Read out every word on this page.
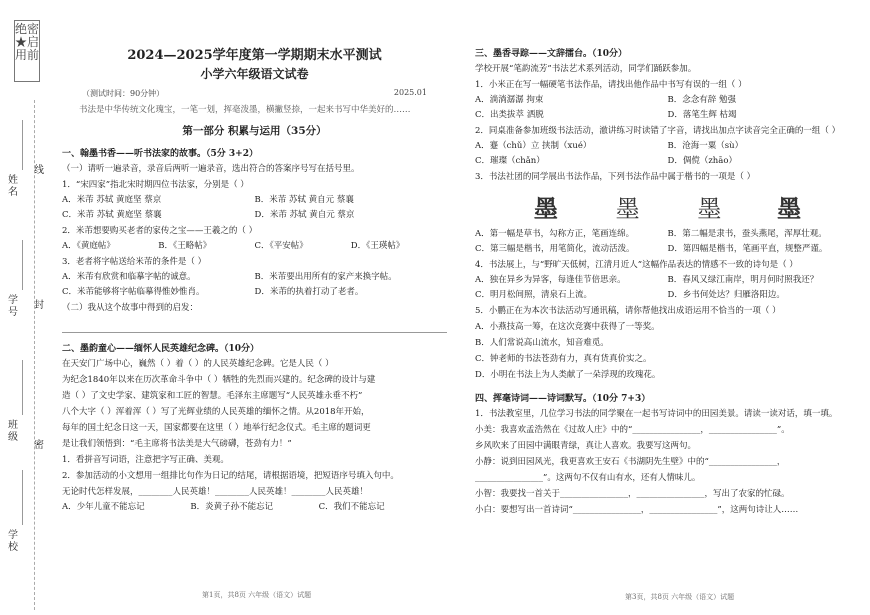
绝密★启用前
姓名
学号
班级
学校
线
封
密
2024—2025学年度第一学期期末水平测试
小学六年级语文试卷
（测试时间：90分钟）	2025.01

书法是中华传统文化瑰宝，一笔一划，挥毫泼墨，横撇竖捺，一起来书写中华美好的……

第一部分 积累与运用（35分）
一、翰墨书香——听书法家的故事。（5分 3+2）

（一）请听一遍录音，录音后两听一遍录音，选出符合的答案序号写在括号里。

1．“宋四家”指北宋时期四位书法家，分别是（ ）

A．米芾 苏轼 黄庭坚 蔡京	B．米芾 苏轼 黄自元 蔡襄
C．米芾 苏轼 黄庭坚 蔡襄	D．米芾 苏轼 黄自元 蔡京

2．米芾想要购买老者的家传之宝——王羲之的（ ）

A．《黄庭帖》	B．《王略帖》	C．《平安帖》	D．《王瑛帖》

3．老者将字帖送给米芾的条件是（ ）

A．米芾有欣赏和临摹字帖的诚意。	B．米芾要出用所有的家产来换字帖。
C．米芾能够将字帖临摹得惟妙惟肖。	D．米芾的执着打动了老者。

（二）我从这个故事中得到的启发：

二、墨韵童心——缅怀人民英雄纪念碑。（10分）

在天安门广场中心，巍然（ ）着（ ）的人民英雄纪念碑。它是人民（ ）

为纪念1840年以来在历次革命斗争中（ ）牺牲的先烈而兴建的。纪念碑的设计与建

造（ ）了文史学家、建筑家和工匠的智慧。毛泽东主席题写“人民英雄永垂不朽”

八个大字（ ）浑着浑（ ）写了光辉业绩的人民英雄的缅怀之情。从2018年开始，

每年的国土纪念日这一天，国家都要在这里（ ）地举行纪念仪式。毛主席的题词更

是让我们领悟到：“毛主席将书法美是大气磅礴，苍劲有力！”

1．看拼音写词语，注意把字写正确、美观。

2．参加活动的小文想用一组排比句作为日记的结尾，请根据语境，把短语序号填入句中。

无论时代怎样发展，________人民英雄！________人民英雄！________人民英雄！

A．少年儿童不能忘记	B．炎黄子孙不能忘记	C．我们不能忘记
第1页，共8页 六年级（语文）试题
三、墨香寻踪——文辞擂台。（10分）

学校开展“笔韵流芳”书法艺术系列活动，同学们踊跃参加。

1．小米正在写一幅硬笔书法作品，请找出他作品中书写有误的一组（ ）

A．淌淌潺潺 拘束	B．念念有辞 勉强
C．出类拔萃 洒脱	D．落笔生辉 枯竭

2．同桌准备参加班级书法活动，澈讲练习时读错了字音，请找出加点字读音完全正确的一组（ ）

A．蹇（chǔ）立 挟制（xué）	B．沧海一粟（sù）
C．璀璨（chǎn）	D．倜傥（zhāo）

3．书法社团的同学展出书法作品，下列书法作品中属于楷书的一项是（ ）

墨 墨 墨 墨
A．第一幅是草书，勾称方正，笔画连绵。	B．第二幅是隶书，蚕头燕尾，浑厚壮观。
C．第三幅是楷书，用笔简化，流动活泼。	D．第四幅是楷书，笔画平直，规整严谨。

4．书法展上，与“野旷天低树，江清月近人”这幅作品表达的情感不一致的诗句是（ ）

A．独在异乡为异客，每逢佳节倍思亲。	B．春风又绿江南岸，明月何时照我还？
C．明月松间照，清泉石上流。	D．乡书何处达？归雁洛阳边。

5．小鹏正在为本次书法活动写通讯稿，请你帮他找出成语运用不恰当的一项（ ）

A．小燕技高一筹，在这次竞赛中获得了一等奖。

B．人们常说高山流水，知音难觅。

C．钟老师的书法苍劲有力，真有货真价实之。

D．小明在书法上为人类献了一朵浮现的玫瑰花。

四、挥毫诗词——诗词默写。（10分 7+3）

1．书法教室里，几位学习书法的同学聚在一起书写诗词中的田园美景。请读一读对话，填一填。

小美：我喜欢孟浩然在《过故人庄》中的“________________，________________”。

乡风吹来了田园中满眼青绿，真让人喜欢。我要写这两句。

小静：说到田园风光，我更喜欢王安石《书湖阴先生壁》中的“________________，

________________”。这两句不仅有山有水，还有人情味儿。

小智：我要找一首关于________________，________________，写出了农家的忙碌。

小白：要想写出一首诗词“________________，________________”，这两句诗让人……

第3页，共8页 六年级（语文）试题
